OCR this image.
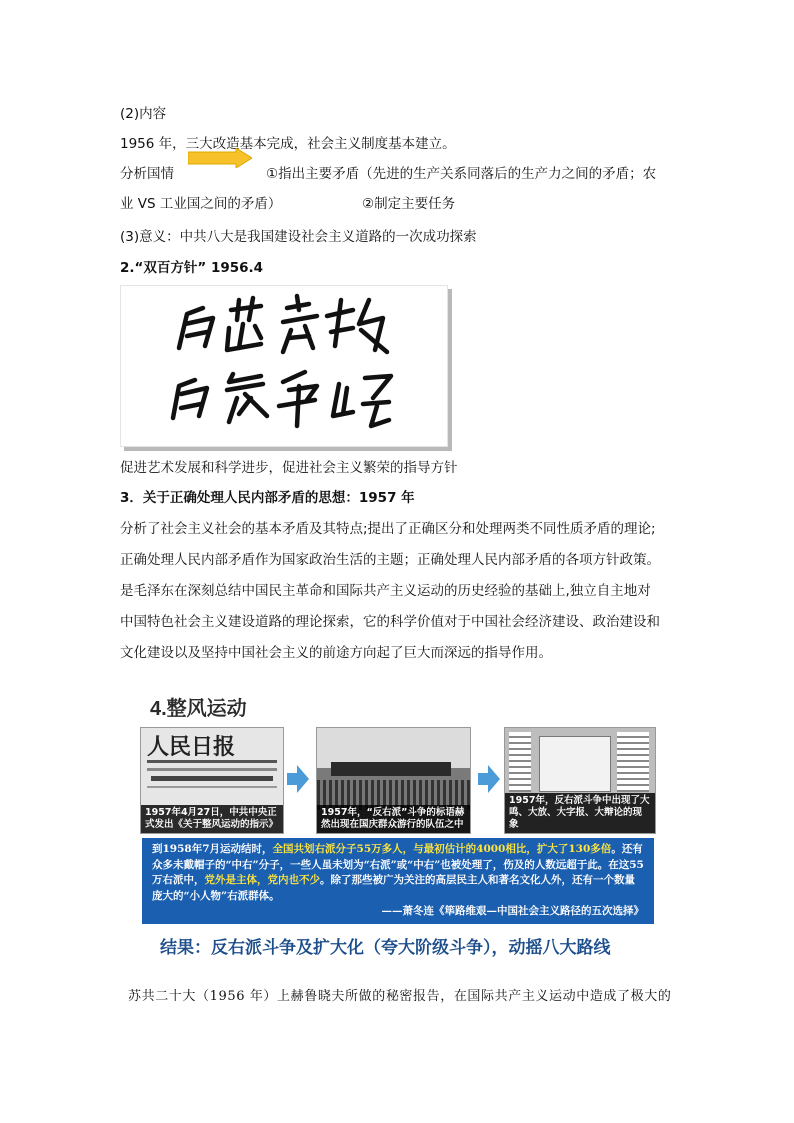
(2)内容
1956 年，三大改造基本完成，社会主义制度基本建立。
分析国情	①指出主要矛盾（先进的生产关系同落后的生产力之间的矛盾；农
业 VS 工业国之间的矛盾）	②制定主要任务
(3)意义：中共八大是我国建设社会主义道路的一次成功探索
2.“双百方针” 1956.4
促进艺术发展和科学进步，促进社会主义繁荣的指导方针
3．关于正确处理人民内部矛盾的思想：1957 年
分析了社会主义社会的基本矛盾及其特点;提出了正确区分和处理两类不同性质矛盾的理论;
正确处理人民内部矛盾作为国家政治生活的主题；正确处理人民内部矛盾的各项方针政策。
是毛泽东在深刻总结中国民主革命和国际共产主义运动的历史经验的基础上,独立自主地对
中国特色社会主义建设道路的理论探索，它的科学价值对于中国社会经济建设、政治建设和
文化建设以及坚持中国社会主义的前途方向起了巨大而深远的指导作用。
4.整风运动
人民日报
1957年4月27日，中共中央正式发出《关于整风运动的指示》
1957年，“反右派”斗争的标语赫然出现在国庆群众游行的队伍之中
1957年，反右派斗争中出现了大鸣、大放、大字报、大辩论的现象
到1958年7月运动结时，全国共划右派分子55万多人，与最初估计的4000相比，扩大了130多倍。还有众多未戴帽子的“中右”分子，一些人虽未划为“右派”或“中右”也被处理了，伤及的人数远超于此。在这55万右派中，党外是主体，党内也不少。除了那些被广为关注的高层民主人和著名文化人外，还有一个数量庞大的“小人物”右派群体。
——萧冬连《筚路维艰—中国社会主义路径的五次选择》
结果：反右派斗争及扩大化（夸大阶级斗争），动摇八大路线
苏共二十大（1956 年）上赫鲁晓夫所做的秘密报告，在国际共产主义运动中造成了极大的
